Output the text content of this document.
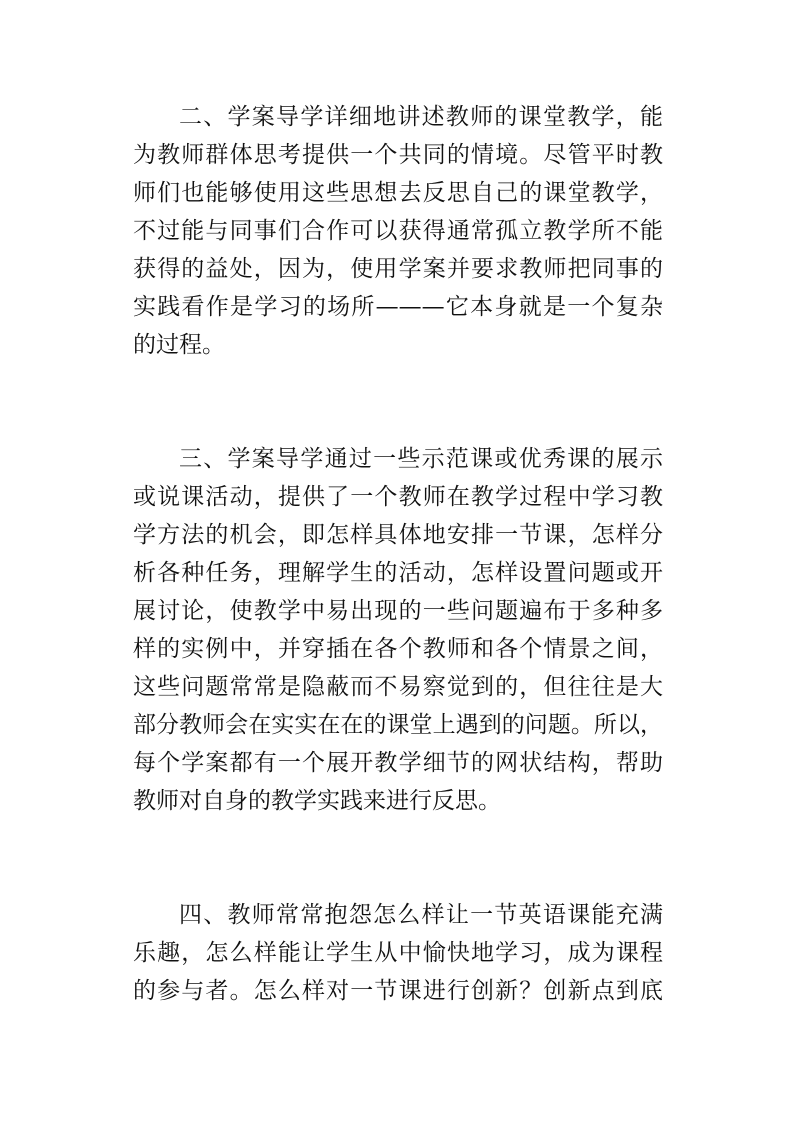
二、学案导学详细地讲述教师的课堂教学，能
为教师群体思考提供一个共同的情境。尽管平时教
师们也能够使用这些思想去反思自己的课堂教学，
不过能与同事们合作可以获得通常孤立教学所不能
获得的益处，因为，使用学案并要求教师把同事的
实践看作是学习的场所———它本身就是一个复杂
的过程。
三、学案导学通过一些示范课或优秀课的展示
或说课活动，提供了一个教师在教学过程中学习教
学方法的机会，即怎样具体地安排一节课，怎样分
析各种任务，理解学生的活动，怎样设置问题或开
展讨论，使教学中易出现的一些问题遍布于多种多
样的实例中，并穿插在各个教师和各个情景之间，
这些问题常常是隐蔽而不易察觉到的，但往往是大
部分教师会在实实在在的课堂上遇到的问题。所以，
每个学案都有一个展开教学细节的网状结构，帮助
教师对自身的教学实践来进行反思。
四、教师常常抱怨怎么样让一节英语课能充满
乐趣，怎么样能让学生从中愉快地学习，成为课程
的参与者。怎么样对一节课进行创新？创新点到底
